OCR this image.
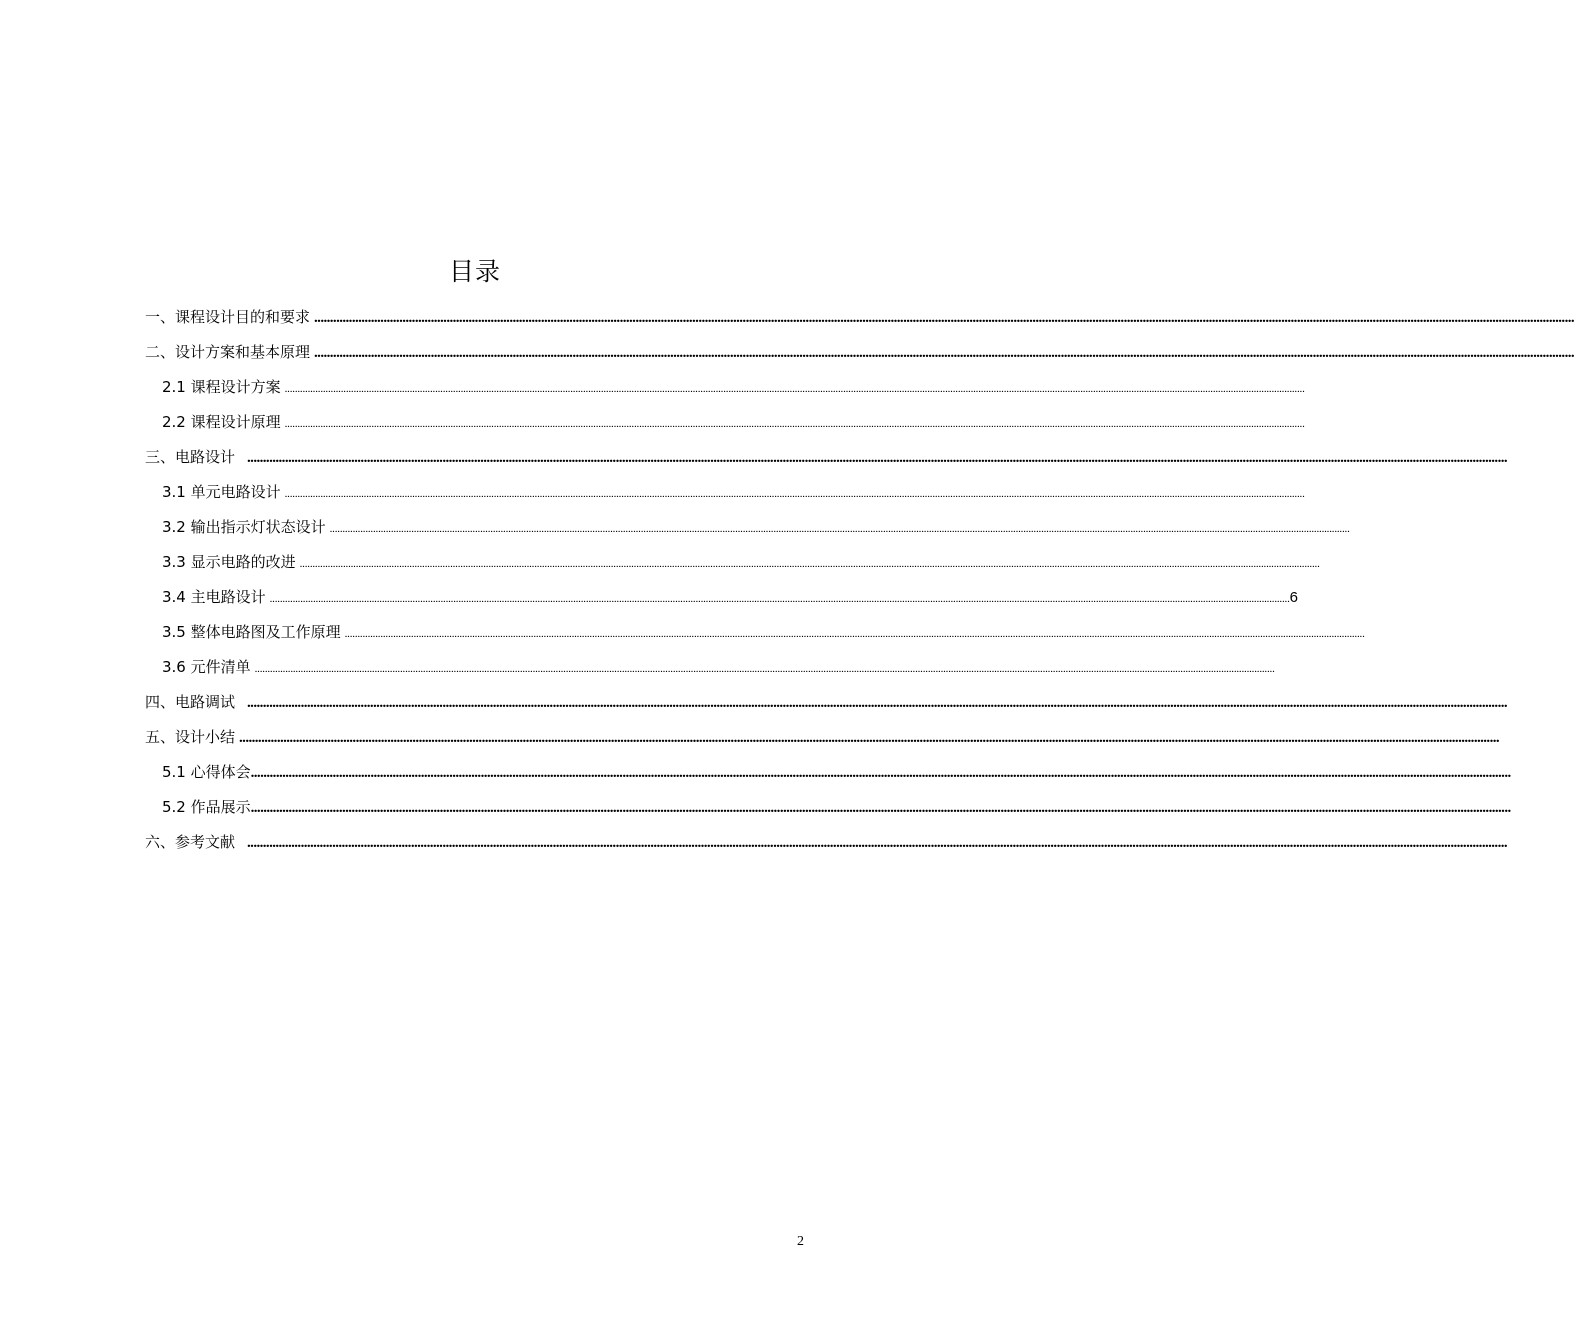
目录
一、课程设计目的和要求 ................................................................................................................................................................................................................................................................................................................................................................................................................
二、设计方案和基本原理 ................................................................................................................................................................................................................................................................................................................................................................................................................
2.1 课程设计方案 ................................................................................................................................................................................................................................................................................................................................................................................................................
2.2 课程设计原理 ................................................................................................................................................................................................................................................................................................................................................................................................................
三、电路设计 ................................................................................................................................................................................................................................................................................................................................................................................................................
3.1 单元电路设计 ................................................................................................................................................................................................................................................................................................................................................................................................................
3.2 输出指示灯状态设计 ................................................................................................................................................................................................................................................................................................................................................................................................................
3.3 显示电路的改进 ................................................................................................................................................................................................................................................................................................................................................................................................................
3.4 主电路设计 ................................................................................................................................................................................................................................................................................................................................................................................................................ 6
3.5 整体电路图及工作原理 ................................................................................................................................................................................................................................................................................................................................................................................................................
3.6 元件清单 ................................................................................................................................................................................................................................................................................................................................................................................................................
四、电路调试 ................................................................................................................................................................................................................................................................................................................................................................................................................
五、设计小结 ................................................................................................................................................................................................................................................................................................................................................................................................................
5.1 心得体会 ................................................................................................................................................................................................................................................................................................................................................................................................................
5.2 作品展示 ................................................................................................................................................................................................................................................................................................................................................................................................................
六、参考文献 ................................................................................................................................................................................................................................................................................................................................................................................................................
2
